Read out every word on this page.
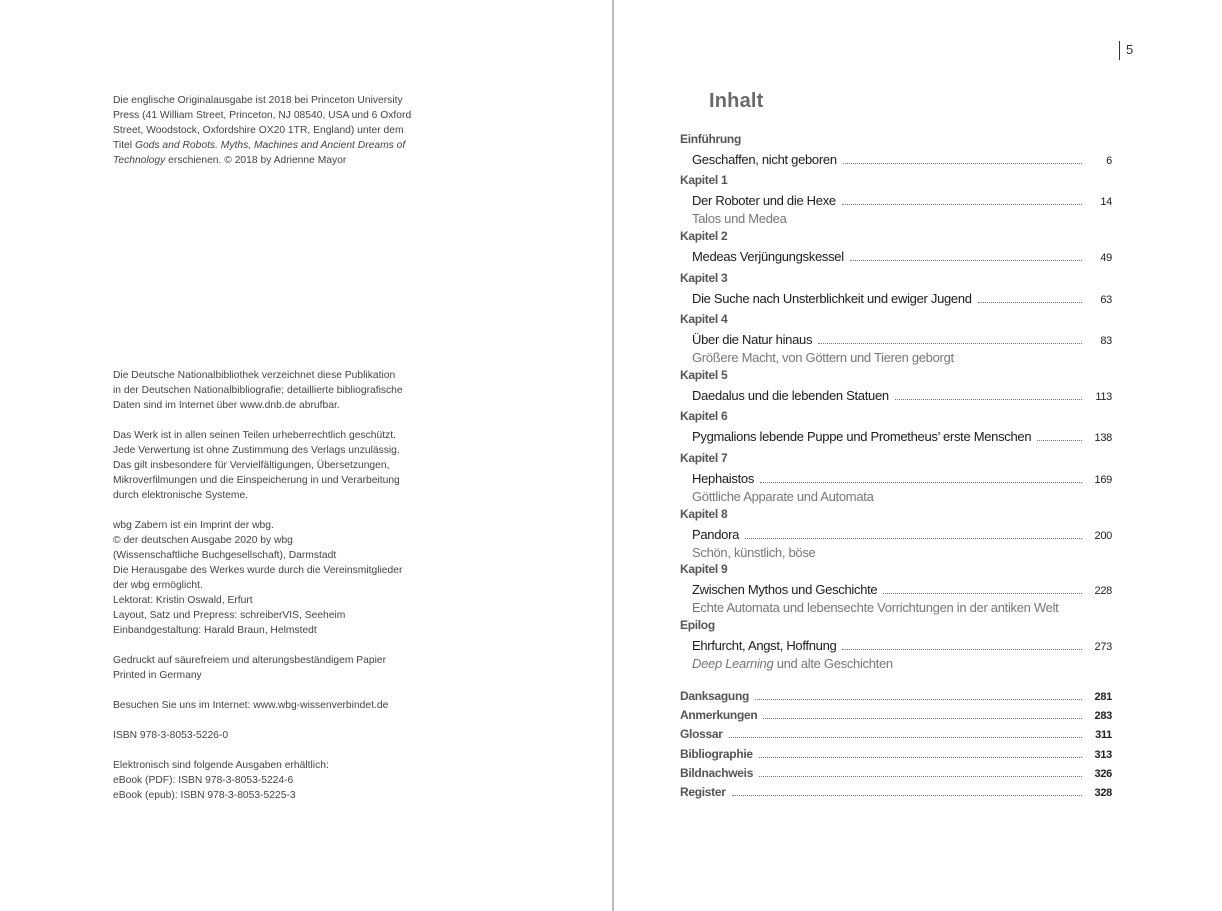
Die englische Originalausgabe ist 2018 bei Princeton University

Press (41 William Street, Princeton, NJ 08540, USA und 6 Oxford

Street, Woodstock, Oxfordshire OX20 1TR, England) unter dem

Titel Gods and Robots. Myths, Machines and Ancient Dreams of

Technology erschienen. © 2018 by Adrienne Mayor

Die Deutsche Nationalbibliothek verzeichnet diese Publikation

in der Deutschen Nationalbibliografie; detaillierte bibliografische

Daten sind im Internet über www.dnb.de abrufbar.

Das Werk ist in allen seinen Teilen urheberrechtlich geschützt.

Jede Verwertung ist ohne Zustimmung des Verlags unzulässig.

Das gilt insbesondere für Vervielfältigungen, Übersetzungen,

Mikroverfilmungen und die Einspeicherung in und Verarbeitung

durch elektronische Systeme.

wbg Zabern ist ein Imprint der wbg.

© der deutschen Ausgabe 2020 by wbg

(Wissenschaftliche Buchgesellschaft), Darmstadt

Die Herausgabe des Werkes wurde durch die Vereinsmitglieder

der wbg ermöglicht.

Lektorat: Kristin Oswald, Erfurt

Layout, Satz und Prepress: schreiberVIS, Seeheim

Einbandgestaltung: Harald Braun, Helmstedt

Gedruckt auf säurefreiem und alterungsbeständigem Papier

Printed in Germany

Besuchen Sie uns im Internet: www.wbg-wissenverbindet.de

ISBN 978-3-8053-5226-0

Elektronisch sind folgende Ausgaben erhältlich:

eBook (PDF): ISBN 978-3-8053-5224-6

eBook (epub): ISBN 978-3-8053-5225-3

5
Inhalt
Einführung
Geschaffen, nicht geboren	6
Kapitel 1
Der Roboter und die Hexe	14
Talos und Medea
Kapitel 2
Medeas Verjüngungskessel	49
Kapitel 3
Die Suche nach Unsterblichkeit und ewiger Jugend	63
Kapitel 4
Über die Natur hinaus	83
Größere Macht, von Göttern und Tieren geborgt
Kapitel 5
Daedalus und die lebenden Statuen	113
Kapitel 6
Pygmalions lebende Puppe und Prometheus’ erste Menschen	138
Kapitel 7
Hephaistos	169
Göttliche Apparate und Automata
Kapitel 8
Pandora	200
Schön, künstlich, böse
Kapitel 9
Zwischen Mythos und Geschichte	228
Echte Automata und lebensechte Vorrichtungen in der antiken Welt
Epilog
Ehrfurcht, Angst, Hoffnung	273
Deep Learning und alte Geschichten
Danksagung	281
Anmerkungen	283
Glossar	311
Bibliographie	313
Bildnachweis	326
Register	328
